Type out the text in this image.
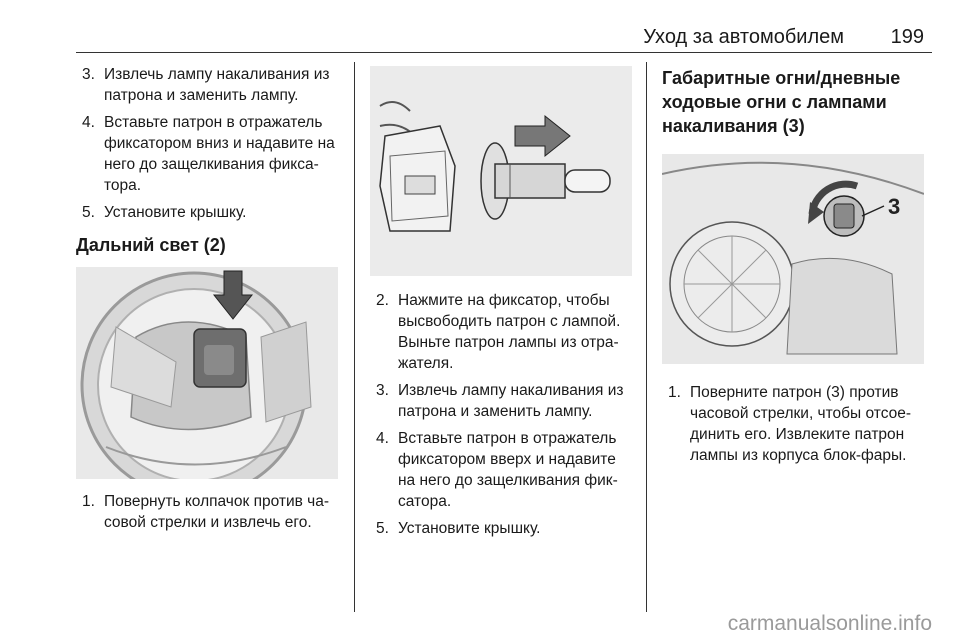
Уход за автомобилем 199
3. Извлечь лампу накаливания из патрона и заменить лампу.
4. Вставьте патрон в отражатель фиксатором вниз и надавите на него до защелкивания фикса-тора.
5. Установите крышку.
Дальний свет (2)
1. Повернуть колпачок против ча-совой стрелки и извлечь его.
2. Нажмите на фиксатор, чтобы высвободить патрон с лампой. Выньте патрон лампы из отра-жателя.
3. Извлечь лампу накаливания из патрона и заменить лампу.
4. Вставьте патрон в отражатель фиксатором вверх и надавите на него до защелкивания фик-сатора.
5. Установите крышку.
Габаритные огни/дневные ходовые огни с лампами накаливания (3)
3
1. Поверните патрон (3) против часовой стрелки, чтобы отсое-динить его. Извлеките патрон лампы из корпуса блок-фары.
carmanualsonline.info
